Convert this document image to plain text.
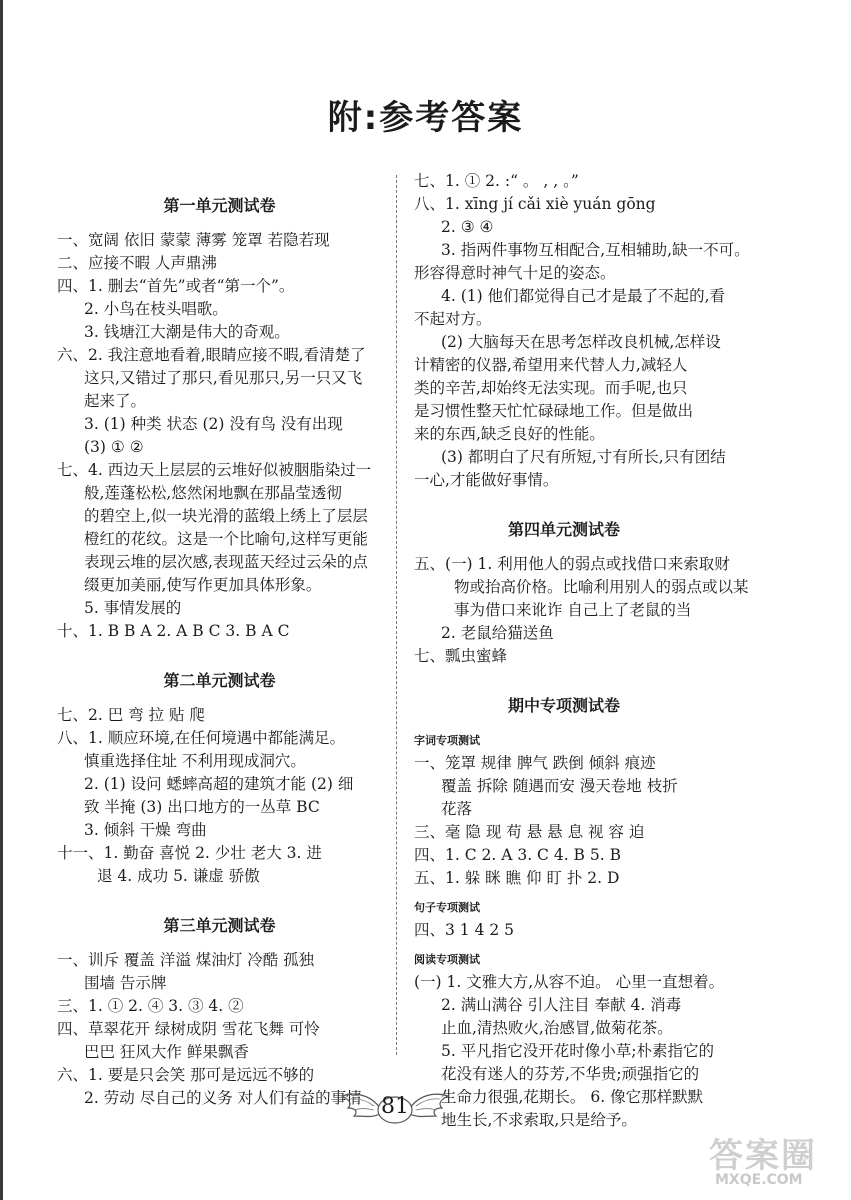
附:参考答案
第一单元测试卷
一、宽阔 依旧 蒙蒙 薄雾 笼罩 若隐若现
二、应接不暇 人声鼎沸
四、1. 删去“首先”或者“第一个”。
2. 小鸟在枝头唱歌。
3. 钱塘江大潮是伟大的奇观。
六、2. 我注意地看着,眼睛应接不暇,看清楚了
这只,又错过了那只,看见那只,另一只又飞
起来了。
3. (1) 种类 状态 (2) 没有鸟 没有出现
(3) ① ②
七、4. 西边天上层层的云堆好似被胭脂染过一
般,莲蓬松松,悠然闲地飘在那晶莹透彻
的碧空上,似一块光滑的蓝缎上绣上了层层
橙红的花纹。这是一个比喻句,这样写更能
表现云堆的层次感,表现蓝天经过云朵的点
缀更加美丽,使写作更加具体形象。
5. 事情发展的
十、1. B B A 2. A B C 3. B A C
第二单元测试卷
七、2. 巴 弯 拉 贴 爬
八、1. 顺应环境,在任何境遇中都能满足。
慎重选择住址 不利用现成洞穴。
2. (1) 设问 蟋蟀高超的建筑才能 (2) 细
致 半掩 (3) 出口地方的一丛草 BC
3. 倾斜 干燥 弯曲
十一、1. 勤奋 喜悦 2. 少壮 老大 3. 进
退 4. 成功 5. 谦虚 骄傲
第三单元测试卷
一、训斥 覆盖 洋溢 煤油灯 冷酷 孤独
围墙 告示牌
三、1. ① 2. ④ 3. ③ 4. ②
四、草翠花开 绿树成阴 雪花飞舞 可怜
巴巴 狂风大作 鲜果飘香
六、1. 要是只会笑 那可是远远不够的
2. 劳动 尽自己的义务 对人们有益的事情
七、1. ① 2. :“ 。 , , 。”
八、1. xīng jí cǎi xiè yuán gōng
2. ③ ④
3. 指两件事物互相配合,互相辅助,缺一不可。
形容得意时神气十足的姿态。
4. (1) 他们都觉得自己才是最了不起的,看
不起对方。
(2) 大脑每天在思考怎样改良机械,怎样设
计精密的仪器,希望用来代替人力,减轻人
类的辛苦,却始终无法实现。而手呢,也只
是习惯性整天忙忙碌碌地工作。但是做出
来的东西,缺乏良好的性能。
(3) 都明白了尺有所短,寸有所长,只有团结
一心,才能做好事情。
第四单元测试卷
五、(一) 1. 利用他人的弱点或找借口来索取财
物或抬高价格。比喻利用别人的弱点或以某
事为借口来讹诈 自己上了老鼠的当
2. 老鼠给猫送鱼
七、瓢虫蜜蜂
期中专项测试卷
字词专项测试
一、笼罩 规律 脾气 跌倒 倾斜 痕迹
覆盖 拆除 随遇而安 漫天卷地 枝折
花落
三、毫 隐 现 苟 悬 悬 息 视 容 迫
四、1. C 2. A 3. C 4. B 5. B
五、1. 躲 眯 瞧 仰 盯 扑 2. D
句子专项测试
四、3 1 4 2 5
阅读专项测试
(一) 1. 文雅大方,从容不迫。 心里一直想着。
2. 满山满谷 引人注目 奉献 4. 消毒
止血,清热败火,治感冒,做菊花茶。
5. 平凡指它没开花时像小草;朴素指它的
花没有迷人的芬芳,不华贵;顽强指它的
生命力很强,花期长。 6. 像它那样默默
地生长,不求索取,只是给予。
81
答案圈
MXQE.COM
